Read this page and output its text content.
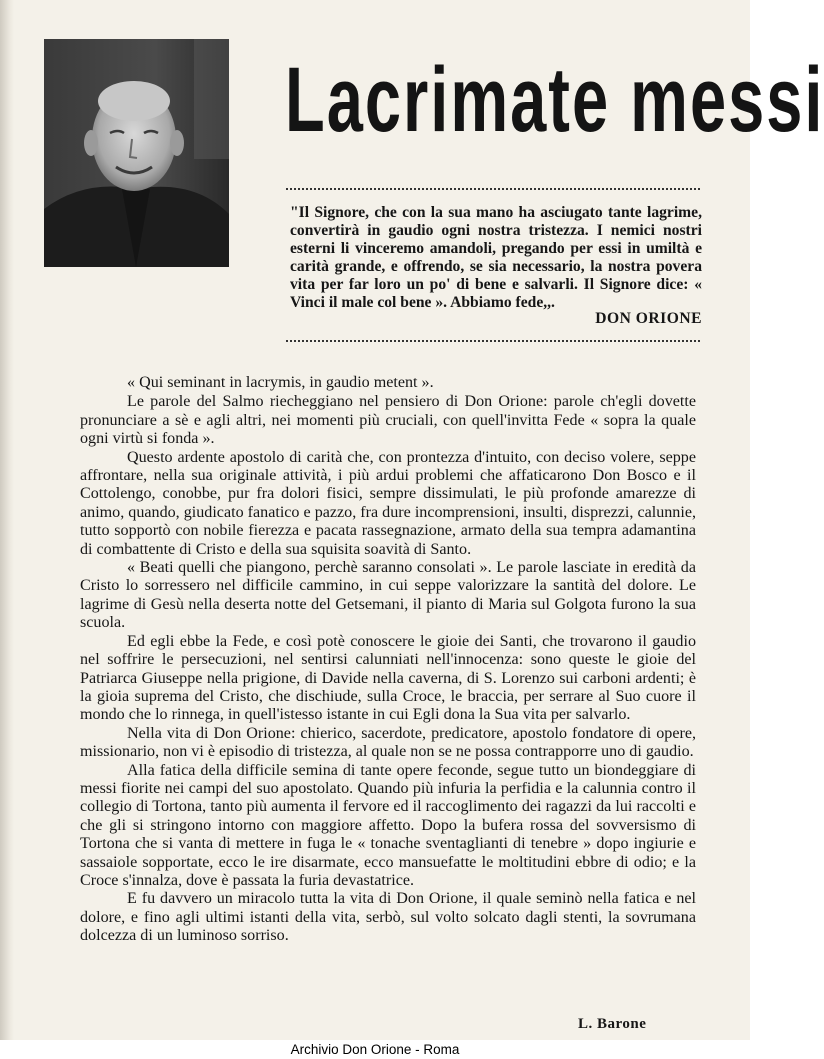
Lacrimate messi

"Il Signore, che con la sua mano ha asciugato tante lagrime, convertirà in gaudio ogni nostra tristezza. I nemici nostri esterni li vinceremo amandoli, pregando per essi in umiltà e carità grande, e offrendo, se sia necessario, la nostra povera vita per far loro un po' di bene e salvarli. Il Signore dice: « Vinci il male col bene ». Abbiamo fede,,.

DON ORIONE

« Qui seminant in lacrymis, in gaudio metent ».

Le parole del Salmo riecheggiano nel pensiero di Don Orione: parole ch'egli dovette pronunciare a sè e agli altri, nei momenti più cruciali, con quell'invitta Fede « sopra la quale ogni virtù si fonda ».

Questo ardente apostolo di carità che, con prontezza d'intuito, con deciso volere, seppe affrontare, nella sua originale attività, i più ardui problemi che affaticarono Don Bosco e il Cottolengo, conobbe, pur fra dolori fisici, sempre dissimulati, le più profonde amarezze di animo, quando, giudicato fanatico e pazzo, fra dure incomprensioni, insulti, disprezzi, calunnie, tutto sopportò con nobile fierezza e pacata rassegnazione, armato della sua tempra adamantina di combattente di Cristo e della sua squisita soavità di Santo.

« Beati quelli che piangono, perchè saranno consolati ». Le parole lasciate in eredità da Cristo lo sorressero nel difficile cammino, in cui seppe valorizzare la santità del dolore. Le lagrime di Gesù nella deserta notte del Getsemani, il pianto di Maria sul Golgota furono la sua scuola.

Ed egli ebbe la Fede, e così potè conoscere le gioie dei Santi, che trovarono il gaudio nel soffrire le persecuzioni, nel sentirsi calunniati nell'innocenza: sono queste le gioie del Patriarca Giuseppe nella prigione, di Davide nella caverna, di S. Lorenzo sui carboni ardenti; è la gioia suprema del Cristo, che dischiude, sulla Croce, le braccia, per serrare al Suo cuore il mondo che lo rinnega, in quell'istesso istante in cui Egli dona la Sua vita per salvarlo.

Nella vita di Don Orione: chierico, sacerdote, predicatore, apostolo fondatore di opere, missionario, non vi è episodio di tristezza, al quale non se ne possa contrapporre uno di gaudio.

Alla fatica della difficile semina di tante opere feconde, segue tutto un biondeggiare di messi fiorite nei campi del suo apostolato. Quando più infuria la perfidia e la calunnia contro il collegio di Tortona, tanto più aumenta il fervore ed il raccoglimento dei ragazzi da lui raccolti e che gli si stringono intorno con maggiore affetto. Dopo la bufera rossa del sovversismo di Tortona che si vanta di mettere in fuga le « tonache sventaglianti di tenebre » dopo ingiurie e sassaiole sopportate, ecco le ire disarmate, ecco mansuefatte le moltitudini ebbre di odio; e la Croce s'innalza, dove è passata la furia devastatrice.

E fu davvero un miracolo tutta la vita di Don Orione, il quale seminò nella fatica e nel dolore, e fino agli ultimi istanti della vita, serbò, sul volto solcato dagli stenti, la sovrumana dolcezza di un luminoso sorriso.

L. Barone
Archivio Don Orione - Roma
